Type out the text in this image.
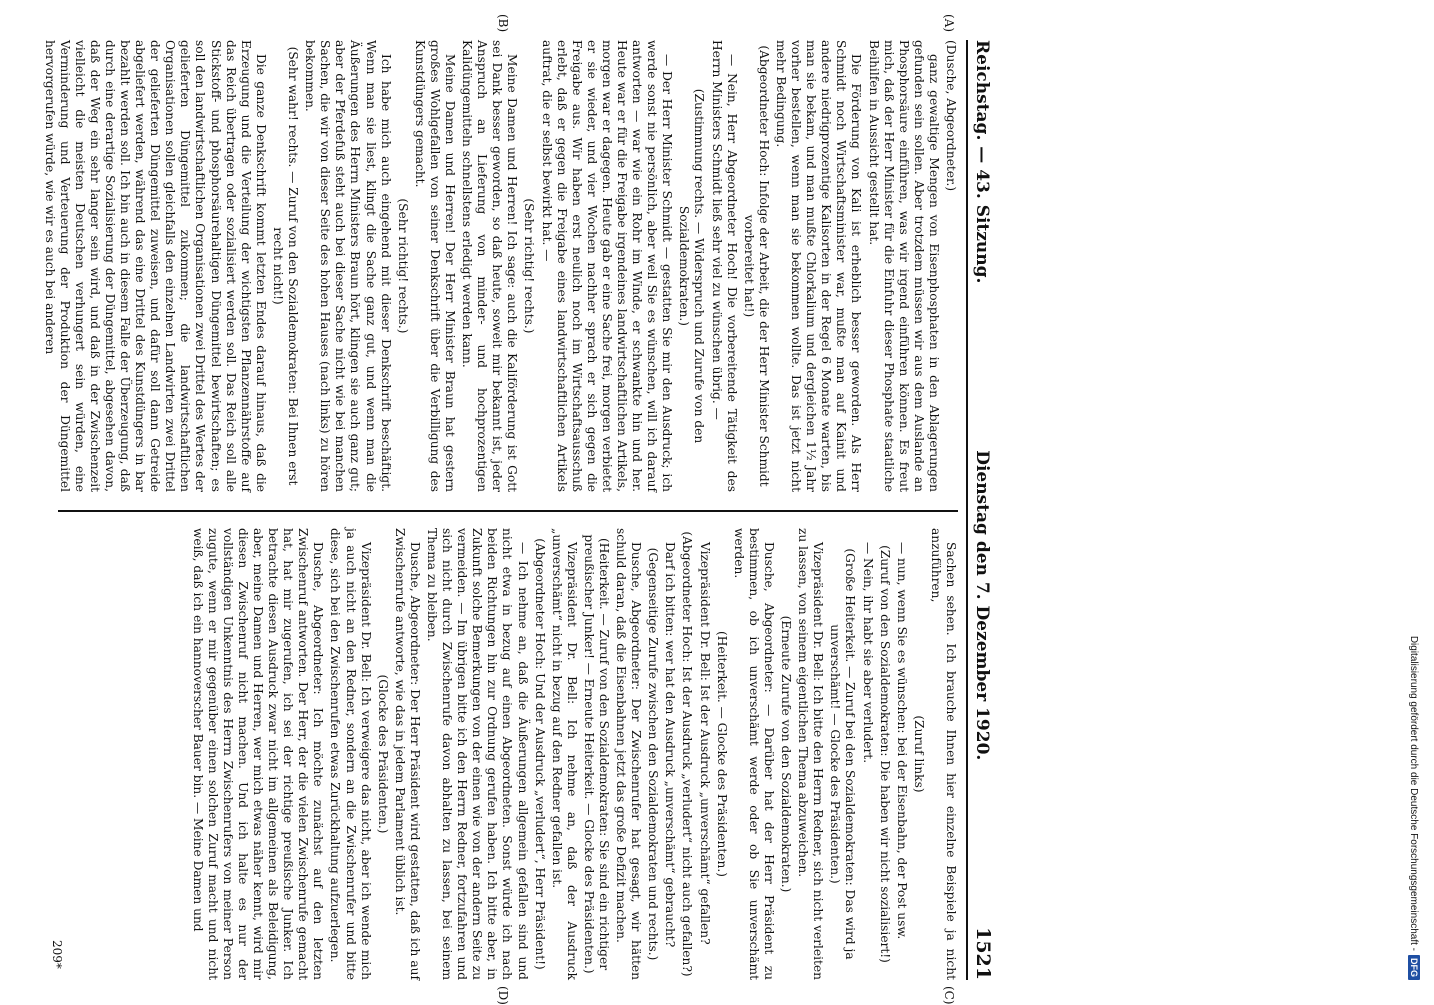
Reichstag. — 43. Sitzung.
Dienstag den 7. Dezember 1920.
1521

(Dusche, Abgeordneter.)

ganz gewaltige Mengen von Eisenphosphaten in den Ablagerungen gefunden sein sollen. Aber trotzdem müssen wir aus dem Auslande an Phosphorsäure einführen, was wir irgend einführen können. Es freut mich, daß der Herr Minister für die Einfuhr dieser Phosphate staatliche Beihilfen in Aussicht gestellt hat.

Die Förderung von Kali ist erheblich besser geworden. Als Herr Schmidt noch Wirtschaftsminister war, mußte man auf Kainit und andere niedrigprozentige Kalisorten in der Regel 6 Monate warten, bis man sie bekam, und man mußte Chlorkalium und dergleichen 1½ Jahr vorher bestellen, wenn man sie bekommen wollte. Das ist jetzt nicht mehr Bedingung.

(Abgeordneter Hoch: Infolge der Arbeit, die der Herr Minister Schmidt vorbereitet hat!)

— Nein, Herr Abgeordneter Hoch! Die vorbereitende Tätigkeit des Herrn Ministers Schmidt ließ sehr viel zu wünschen übrig. —

(Zustimmung rechts. — Widerspruch und Zurufe von den Sozialdemokraten.)

— Der Herr Minister Schmidt — gestatten Sie mir den Ausdruck; ich werde sonst nie persönlich, aber weil Sie es wünschen, will ich darauf antworten — war wie ein Rohr im Winde, er schwankte hin und her. Heute war er für die Freigabe irgendeines landwirtschaftlichen Artikels, morgen war er dagegen. Heute gab er eine Sache frei, morgen verbietet er sie wieder, und vier Wochen nachher sprach er sich gegen die Freigabe aus. Wir haben erst neulich noch im Wirtschaftsausschuß erlebt, daß er gegen die Freigabe eines landwirtschaftlichen Artikels auftrat, die er selbst bewirkt hat. —

(Sehr richtig! rechts.)

Meine Damen und Herren! Ich sage: auch die Kaliförderung ist Gott sei Dank besser geworden, so daß heute, soweit mir bekannt ist, jeder Anspruch an Lieferung von minder- und hochprozentigen Kalidüngemitteln schnellstens erledigt werden kann.

Meine Damen und Herren! Der Herr Minister Braun hat gestern großes Wohlgefallen von seiner Denkschrift über die Verbilligung des Kunstdüngers gemacht.

(Sehr richtig! rechts.)

Ich habe mich auch eingehend mit dieser Denkschrift beschäftigt. Wenn man sie liest, klingt die Sache ganz gut, und wenn man die Äußerungen des Herrn Ministers Braun hört, klingen sie auch ganz gut; aber der Pferdefuß steht auch bei dieser Sache nicht wie bei manchen Sachen, die wir von dieser Seite des hohen Hauses (nach links) zu hören bekommen.

(Sehr wahr! rechts. — Zuruf von den Sozialdemokraten: Bei Ihnen erst recht nicht!)

Die ganze Denkschrift kommt letzten Endes darauf hinaus, daß die Erzeugung und die Verteilung der wichtigsten Pflanzennährstoffe auf das Reich übertragen oder sozialisiert werden soll. Das Reich soll alle Stickstoff- und phosphorsäurehaltigen Düngemittel bewirtschaften; es soll den landwirtschaftlichen Organisationen zwei Drittel des Wertes der gelieferten Düngemittel zukommen; die landwirtschaftlichen Organisationen sollen gleichfalls den einzelnen Landwirten zwei Drittel der gelieferten Düngemittel zuweisen, und dafür soll dann Getreide abgeliefert werden, während das eine Drittel des Kunstdüngers in bar bezahlt werden soll. Ich bin auch in diesem Falle der Überzeugung, daß durch eine derartige Sozialisierung der Düngemittel, abgesehen davon, daß der Weg ein sehr langer sein wird, und daß in der Zwischenzeit vielleicht die meisten Deutschen verhungert sein würden, eine Verminderung und Verteuerung der Produktion der Düngemittel hervorgerufen würde, wie wir es auch bei anderen

Sachen sehen. Ich brauche Ihnen hier einzelne Beispiele ja nicht anzuführen,

(Zuruf links)

— nun, wenn Sie es wünschen: bei der Eisenbahn, der Post usw.

(Zuruf von den Sozialdemokraten: Die haben wir nicht sozialisiert!)

— Nein, ihr habt sie aber verludert.

(Große Heiterkeit. — Zuruf bei den Sozialdemokraten: Das wird ja unverschämt! — Glocke des Präsidenten.)

Vizepräsident Dr. Bell: Ich bitte den Herrn Redner, sich nicht verleiten zu lassen, von seinem eigentlichen Thema abzuweichen.

(Erneute Zurufe von den Sozialdemokraten.)

Dusche, Abgeordneter: — Darüber hat der Herr Präsident zu bestimmen, ob ich unverschämt werde oder ob Sie unverschämt werden.

(Heiterkeit. — Glocke des Präsidenten.)

Vizepräsident Dr. Bell: Ist der Ausdruck „unverschämt“ gefallen?

(Abgeordneter Hoch: Ist der Ausdruck „verludert“ nicht auch gefallen?)

Darf ich bitten: wer hat den Ausdruck „unverschämt“ gebraucht?

(Gegenseitige Zurufe zwischen den Sozialdemokraten und rechts.)

Dusche, Abgeordneter: Der Zwischenrufer hat gesagt, wir hätten schuld daran, daß die Eisenbahnen jetzt das große Defizit machen.

(Heiterkeit. — Zuruf von den Sozialdemokraten: Sie sind ein richtiger preußischer Junker! — Erneute Heiterkeit. — Glocke des Präsidenten.)

Vizepräsident Dr. Bell: Ich nehme an, daß der Ausdruck „unverschämt“ nicht in bezug auf den Redner gefallen ist.

(Abgeordneter Hoch: Und der Ausdruck „verludert“, Herr Präsident!)

— Ich nehme an, daß die Äußerungen allgemein gefallen sind und nicht etwa in bezug auf einen Abgeordneten. Sonst würde ich nach beiden Richtungen hin zur Ordnung gerufen haben. Ich bitte aber, in Zukunft solche Bemerkungen von der einen wie von der andern Seite zu vermeiden. — Im übrigen bitte ich den Herrn Redner, fortzufahren und sich nicht durch Zwischenrufe davon abhalten zu lassen, bei seinem Thema zu bleiben.

Dusche, Abgeordneter: Der Herr Präsident wird gestatten, daß ich auf Zwischenrufe antworte, wie das in jedem Parlament üblich ist.

(Glocke des Präsidenten.)

Vizepräsident Dr. Bell: Ich verweigere das nicht, aber ich wende mich ja auch nicht an den Redner, sondern an die Zwischenrufer und bitte diese, sich bei den Zwischenrufen etwas Zurückhaltung aufzuerlegen.

Dusche, Abgeordneter: Ich möchte zunächst auf den letzten Zwischenruf antworten. Der Herr, der die vielen Zwischenrufe gemacht hat, hat mir zugerufen, ich sei der richtige preußische Junker. Ich betrachte diesen Ausdruck zwar nicht im allgemeinen als Beleidigung, aber, meine Damen und Herren, wer mich etwas näher kennt, wird mir diesen Zwischenruf nicht machen. Und ich halte es nur der vollständigen Unkenntnis des Herrn Zwischenrufers von meiner Person zugute, wenn er mir gegenüber einen solchen Zuruf macht und nicht weiß, daß ich ein hannoverscher Bauer bin. — Meine Damen und

(A)
(B)
(C)
(D)
209*
Digitalisierung gefördert durch die Deutsche Forschungsgemeinschaft -
DFG
